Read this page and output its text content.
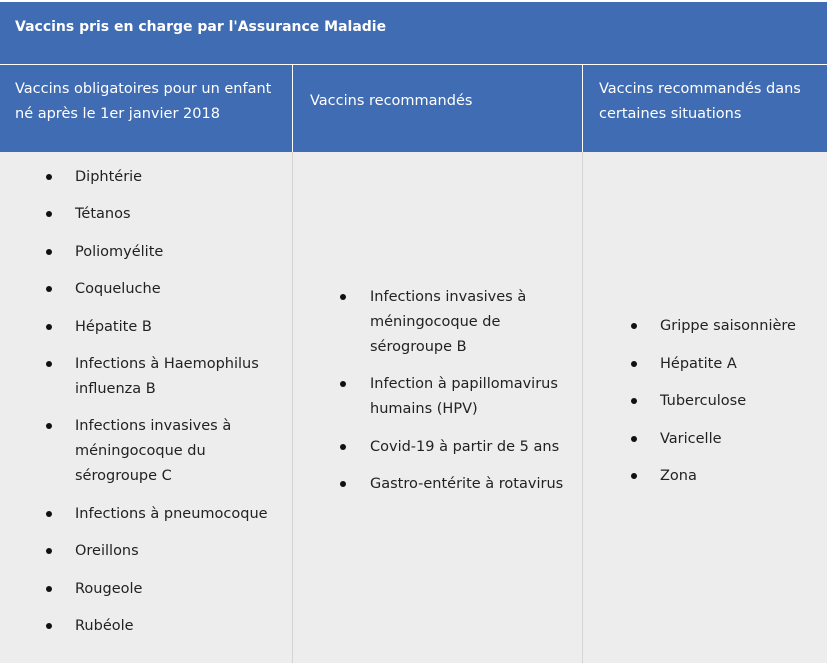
Vaccins pris en charge par l'Assurance Maladie
Vaccins obligatoires pour un enfant né après le 1er janvier 2018
Vaccins recommandés
Vaccins recommandés dans certaines situations
Diphtérie
Tétanos
Poliomyélite
Coqueluche
Hépatite B
Infections à Haemophilus influenza B
Infections invasives à méningocoque du sérogroupe C
Infections à pneumocoque
Oreillons
Rougeole
Rubéole
Infections invasives à méningocoque de sérogroupe B
Infection à papillomavirus humains (HPV)
Covid-19 à partir de 5 ans
Gastro-entérite à rotavirus
Grippe saisonnière
Hépatite A
Tuberculose
Varicelle
Zona
